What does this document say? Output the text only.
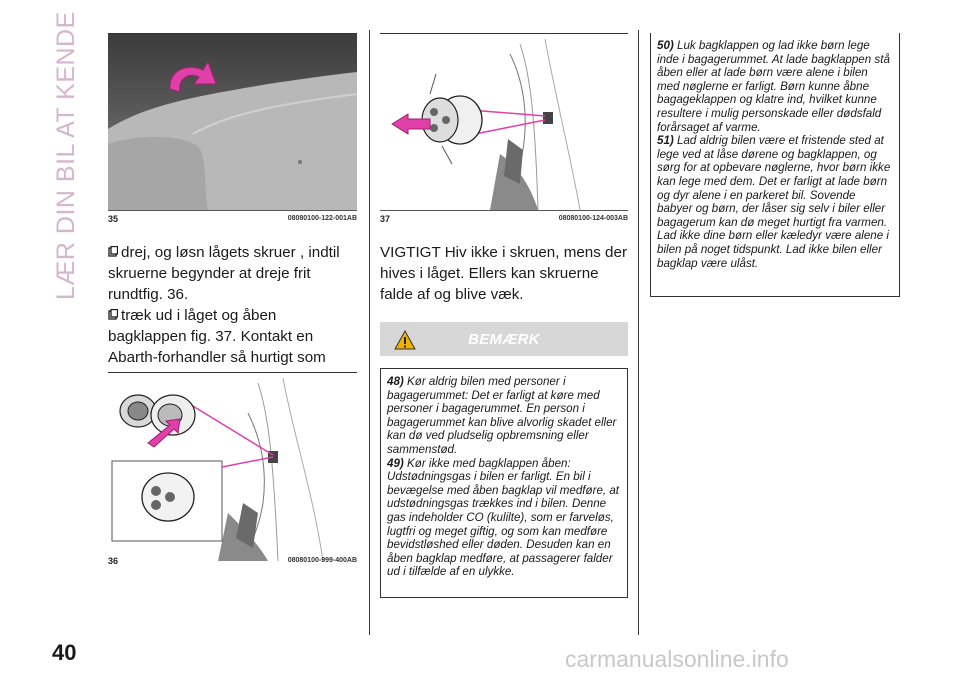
LÆR DIN BIL AT KENDE
40	carmanualsonline.info
35	08080100-122-001AB

drej, og løsn lågets skruer , indtil skruerne begynder at dreje frit rundtfig. 36.

træk ud i låget og åben bagklappen fig. 37. Kontakt en Abarth-forhandler så hurtigt som

36	08080100-999-400AB
37	08080100-124-003AB

VIGTIGT Hiv ikke i skruen, mens der hives i låget. Ellers kan skruerne falde af og blive væk.

BEMÆRK

48) Kør aldrig bilen med personer i bagagerummet: Det er farligt at køre med personer i bagagerummet. En person i bagagerummet kan blive alvorlig skadet eller kan dø ved pludselig opbremsning eller sammenstød.

49) Kør ikke med bagklappen åben: Udstødningsgas i bilen er farligt. En bil i bevægelse med åben bagklap vil medføre, at udstødningsgas trækkes ind i bilen. Denne gas indeholder CO (kulilte), som er farveløs, lugtfri og meget giftig, og som kan medføre bevidstløshed eller døden. Desuden kan en åben bagklap medføre, at passagerer falder ud i tilfælde af en ulykke.

50) Luk bagklappen og lad ikke børn lege inde i bagagerummet. At lade bagklappen stå åben eller at lade børn være alene i bilen med nøglerne er farligt. Børn kunne åbne bagageklappen og klatre ind, hvilket kunne resultere i mulig personskade eller dødsfald forårsaget af varme.

51) Lad aldrig bilen være et fristende sted at lege ved at låse dørene og bagklappen, og sørg for at opbevare nøglerne, hvor børn ikke kan lege med dem. Det er farligt at lade børn og dyr alene i en parkeret bil. Sovende babyer og børn, der låser sig selv i biler eller bagagerum kan dø meget hurtigt fra varmen. Lad ikke dine børn eller kæledyr være alene i bilen på noget tidspunkt. Lad ikke bilen eller bagklap være ulåst.
